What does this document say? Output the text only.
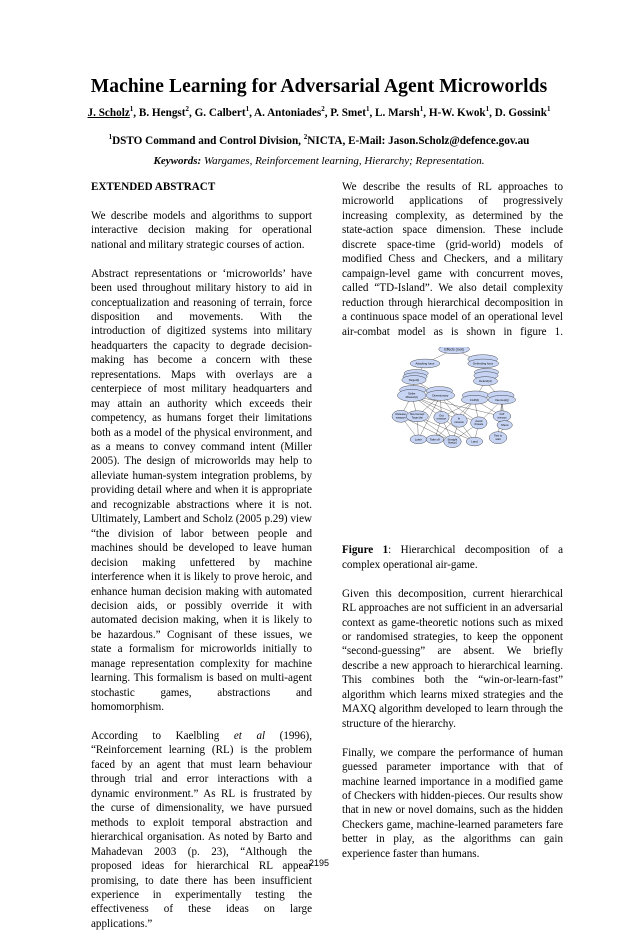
Machine Learning for Adversarial Agent Microworlds
J. Scholz$^1$, B. Hengst$^2$, G. Calbert$^1$, A. Antoniades$^2$, P. Smet$^1$, L. Marsh$^1$, H-W. Kwok$^1$, D. Gossink$^1$
$^1$DSTO Command and Control Division, $^2$NICTA, E-Mail: Jason.Scholz@defence.gov.au
Keywords: Wargames, Reinforcement learning, Hierarchy; Representation.
EXTENDED ABSTRACT

We describe models and algorithms to support interactive decision making for operational national and military strategic courses of action.

Abstract representations or ‘microworlds’ have been used throughout military history to aid in conceptualization and reasoning of terrain, force disposition and movements. With the introduction of digitized systems into military headquarters the capacity to degrade decision-making has become a concern with these representations. Maps with overlays are a centerpiece of most military headquarters and may attain an authority which exceeds their competency, as humans forget their limitations both as a model of the physical environment, and as a means to convey command intent (Miller 2005). The design of microworlds may help to alleviate human-system integration problems, by providing detail where and when it is appropriate and recognizable abstractions where it is not. Ultimately, Lambert and Scholz (2005 p.29) view “the division of labor between people and machines should be developed to leave human decision making unfettered by machine interference when it is likely to prove heroic, and enhance human decision making with automated decision aids, or possibly override it with automated decision making, when it is likely to be hazardous.” Cognisant of these issues, we state a formalism for microworlds initially to manage representation complexity for machine learning. This formalism is based on multi-agent stochastic games, abstractions and homomorphism.

According to Kaelbling et al (1996), “Reinforcement learning (RL) is the problem faced by an agent that must learn behaviour through trial and error interactions with a dynamic environment.” As RL is frustrated by the curse of dimensionality, we have pursued methods to exploit temporal abstraction and hierarchical organisation. As noted by Barto and Mahadevan 2003 (p. 23), “Although the proposed ideas for hierarchical RL appear promising, to date there has been insufficient experience in experimentally testing the effectiveness of these ideas on large applications.”

We describe the results of RL approaches to microworld applications of progressively increasing complexity, as determined by the state-action space dimension. These include discrete space-time (grid-world) models of modified Chess and Checkers, and a military campaign-level game with concurrent moves, called “TD-Island”. We also detail complexity reduction through hierarchical decomposition in a continuous space model of an operational level air-combat model as is shown in figure 1.

Effects (root)
Attacking force	Defending force
Target(t)	Defend(d)
Strike
Mission(t)	Diversionary
CAP(d)	Intercept(j)
Release
weapon
Max intercept
Target dist
Out
mission In
mission Avoid
threats
CAP
intercept
Shoot
Loiter Take off Straight
Nav(p)	Land
Taxi to
wait

Figure 1: Hierarchical decomposition of a complex operational air-game.

Given this decomposition, current hierarchical RL approaches are not sufficient in an adversarial context as game-theoretic notions such as mixed or randomised strategies, to keep the opponent “second-guessing” are absent. We briefly describe a new approach to hierarchical learning. This combines both the “win-or-learn-fast” algorithm which learns mixed strategies and the MAXQ algorithm developed to learn through the structure of the hierarchy.

Finally, we compare the performance of human guessed parameter importance with that of machine learned importance in a modified game of Checkers with hidden-pieces. Our results show that in new or novel domains, such as the hidden Checkers game, machine-learned parameters fare better in play, as the algorithms can gain experience faster than humans.

2195
